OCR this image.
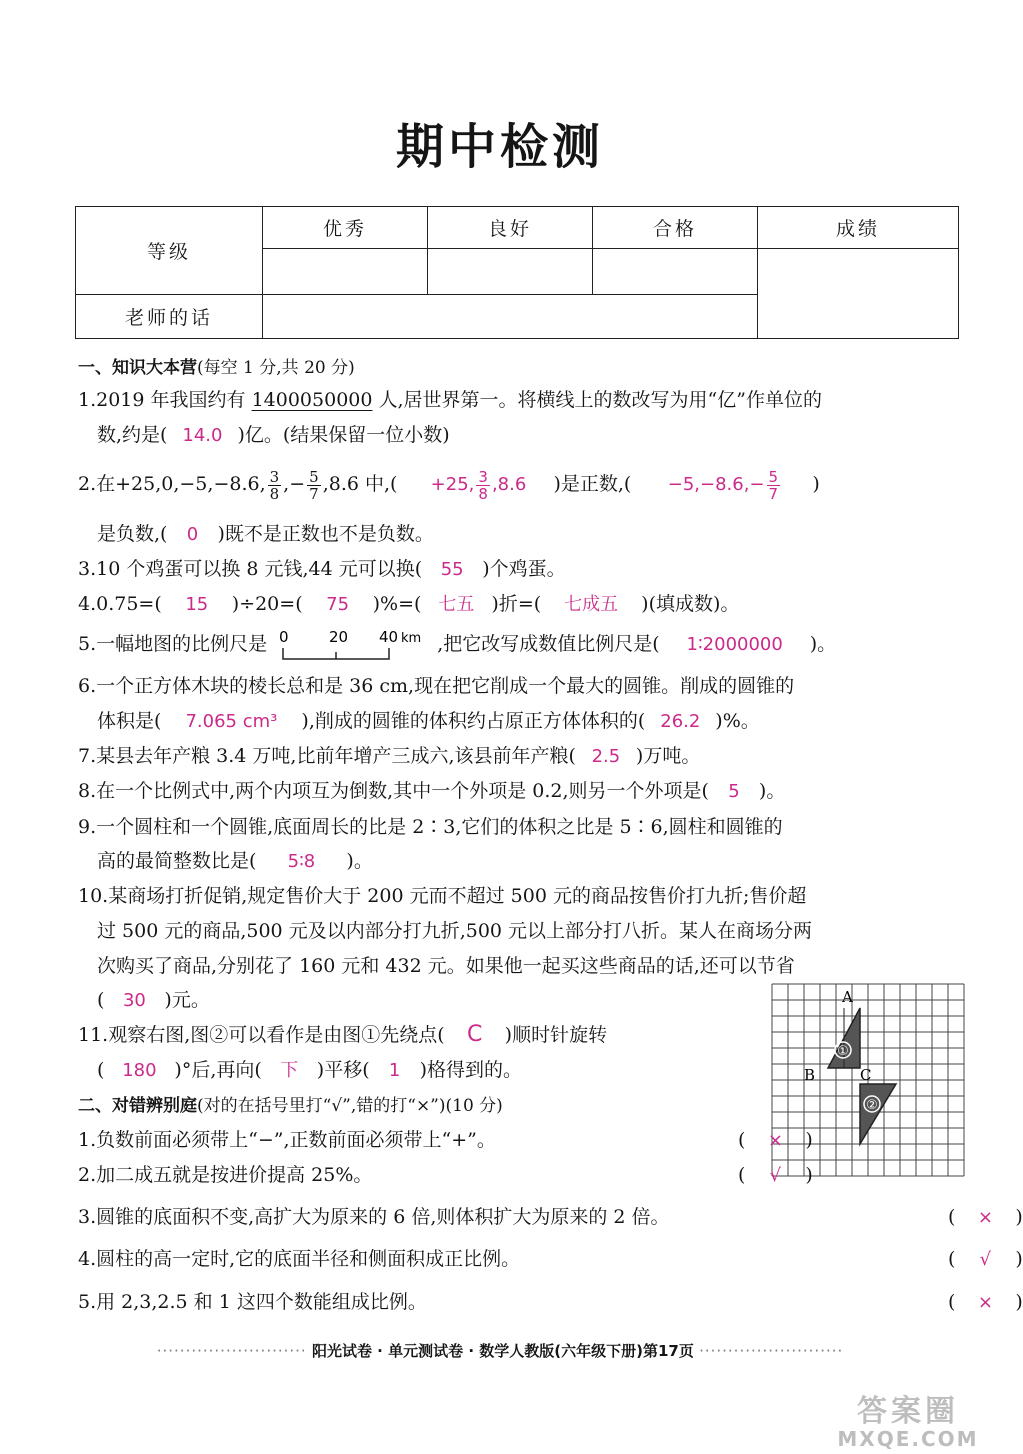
期中检测
等级	优秀	良好	合格	成绩

老师的话				
一、知识大本营(每空 1 分,共 20 分)
1.2019 年我国约有 1400050000 人,居世界第一。将横线上的数改写为用“亿”作单位的
数,约是( 14.0 )亿。(结果保留一位小数)
2.在+25,0,−5,−8.6, $\frac{3}{8}$ ,− $\frac{5}{7} ,8.6$ 中,( +25, $\frac{3}{8} ,8.6$ )是正数,( $-5,-8.6,- \frac{5}{7}$ )
是负数,( 0 )既不是正数也不是负数。
3.10 个鸡蛋可以换 8 元钱,44 元可以换( 55 )个鸡蛋。
4.0.75=( 15 )÷20=( 75 )%=( 七五 )折=( 七成五 )(填成数)。
5.一幅地图的比例尺是 0	20 40 km ,把它改写成数值比例尺是( 1∶2000000 )。
6.一个正方体木块的棱长总和是 36 cm,现在把它削成一个最大的圆锥。削成的圆锥的
体积是( 7.065 cm³ ),削成的圆锥的体积约占原正方体体积的( 26.2 )%。
7.某县去年产粮 3.4 万吨,比前年增产三成六,该县前年产粮( 2.5 )万吨。
8.在一个比例式中,两个内项互为倒数,其中一个外项是 0.2,则另一个外项是( 5 )。
9.一个圆柱和一个圆锥,底面周长的比是 2∶3,它们的体积之比是 5∶6,圆柱和圆锥的
高的最简整数比是( 5∶8 )。
10.某商场打折促销,规定售价大于 200 元而不超过 500 元的商品按售价打九折;售价超
过 500 元的商品,500 元及以内部分打九折,500 元以上部分打八折。某人在商场分两
次购买了商品,分别花了 160 元和 432 元。如果他一起买这些商品的话,还可以节省
( 30 )元。
11.观察右图,图②可以看作是由图①先绕点( C )顺时针旋转
( 180 )°后,再向( 下 )平移( 1 )格得到的。
①
②
A
B	C
二、对错辨别庭(对的在括号里打“√”,错的打“×”)(10 分)
1.负数前面必须带上“−”,正数前面必须带上“+”。	( × )
2.加二成五就是按进价提高 25%。	( √ )
3.圆锥的底面积不变,高扩大为原来的 6 倍,则体积扩大为原来的 2 倍。	( × )
4.圆柱的高一定时,它的底面半径和侧面积成正比例。	( √ )
5.用 2,3,2.5 和 1 这四个数能组成比例。	( × )
·························· 阳光试卷 · 单元测试卷 · 数学人教版(六年级下册)第17页 ·························
答案圈
MXQE.COM
